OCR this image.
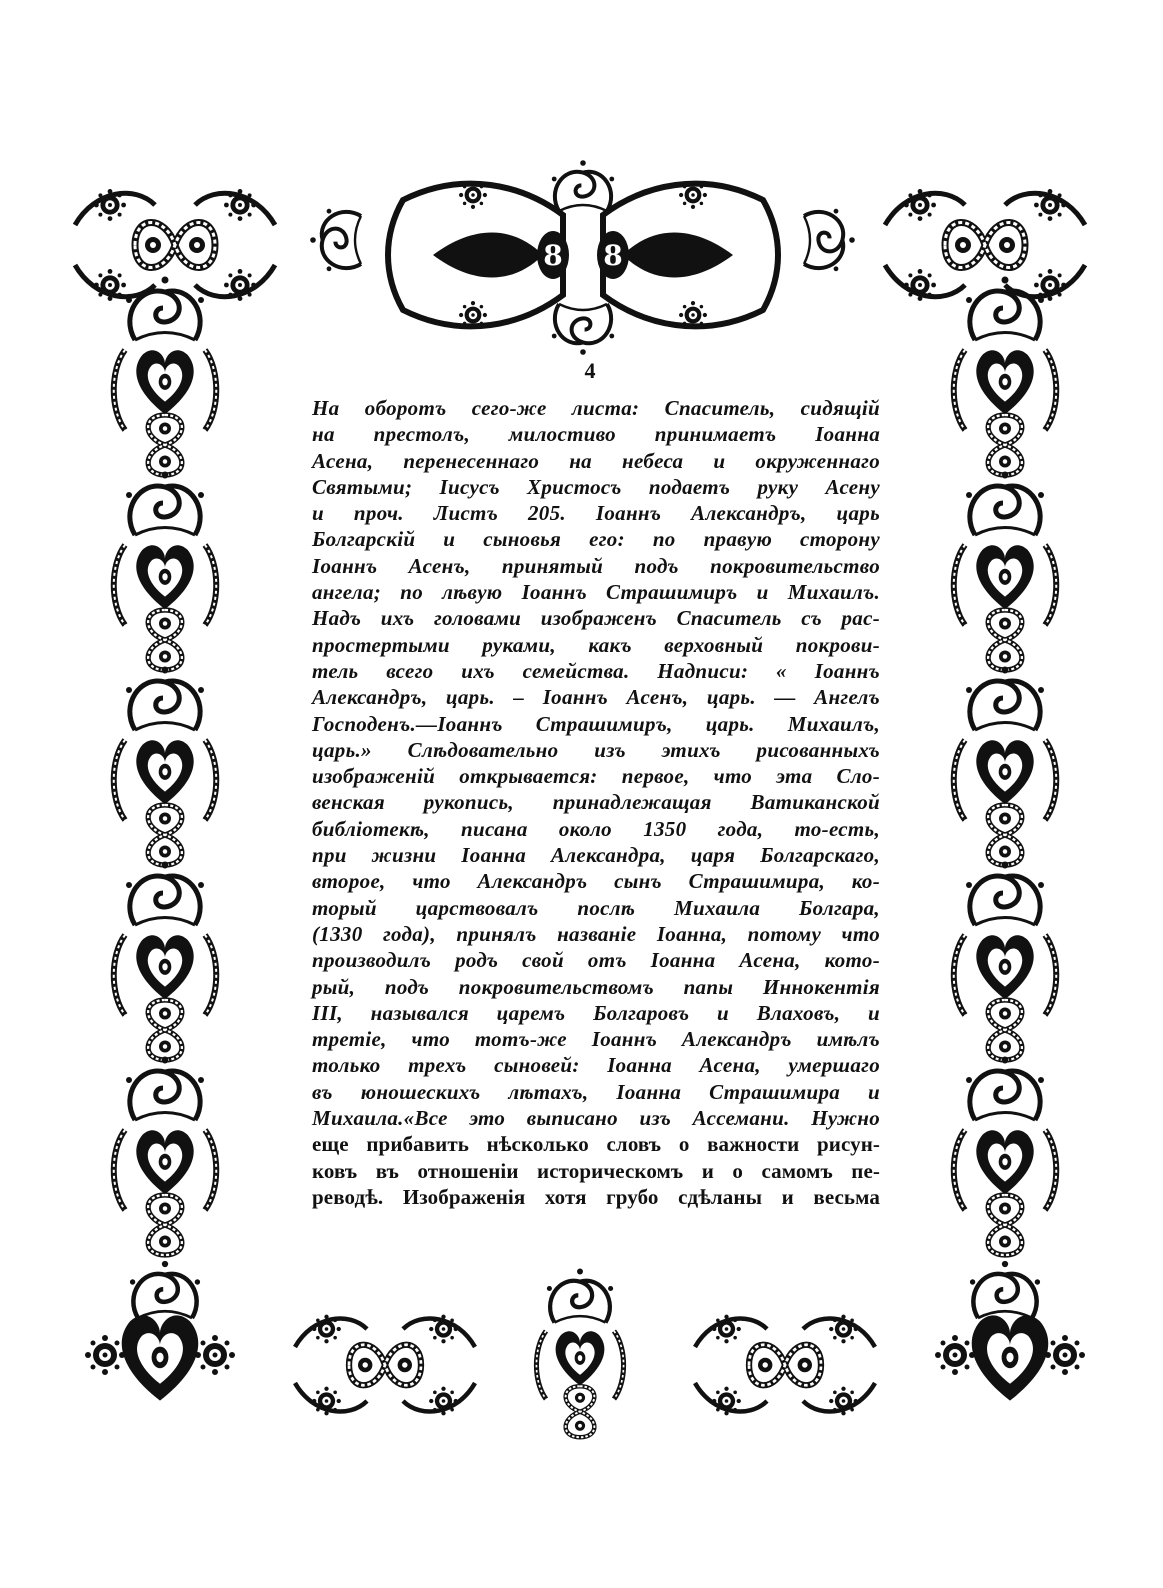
8 8
4
На оборотъ сего-же листа: Спаситель, сидящій
на престолъ, милостиво принимаетъ Іоанна
Асена, перенесеннаго на небеса и окруженнаго
Святыми; Іисусъ Христосъ подаетъ руку Асену
и проч. Листъ 205. Іоаннъ Александръ, царь
Болгарскій и сыновья его: по правую сторону
Іоаннъ Асенъ, принятый подъ покровительство
ангела; по лѣвую Іоаннъ Страшимиръ и Михаилъ.
Надъ ихъ головами изображенъ Спаситель съ рас-
простертыми руками, какъ верховный покрови-
тель всего ихъ семейства. Надписи: « Іоаннъ
Александръ, царь. – Іоаннъ Асенъ, царь. — Ангелъ
Господенъ.—Іоаннъ Страшимиръ, царь. Михаилъ,
царь.» Слѣдовательно изъ этихъ рисованныхъ
изображеній открывается: первое, что эта Сло-
венская рукопись, принадлежащая Ватиканской
библіотекѣ, писана около 1350 года, то-есть,
при жизни Іоанна Александра, царя Болгарскаго,
второе, что Александръ сынъ Страшимира, ко-
торый царствовалъ послѣ Михаила Болгара,
(1330 года), принялъ названіе Іоанна, потому что
производилъ родъ свой отъ Іоанна Асена, кото-
рый, подъ покровительствомъ папы Иннокентія
III, назывался царемъ Болгаровъ и Влаховъ, и
третіе, что тотъ-же Іоаннъ Александръ имѣлъ
только трехъ сыновей: Іоанна Асена, умершаго
въ юношескихъ лѣтахъ, Іоанна Страшимира и
Михаила.«Все это выписано изъ Ассемани. Нужно
еще прибавить нѣсколько словъ о важности рисун-
ковъ въ отношеніи историческомъ и о самомъ пе-
реводѣ. Изображенія хотя грубо сдѣланы и весьма
